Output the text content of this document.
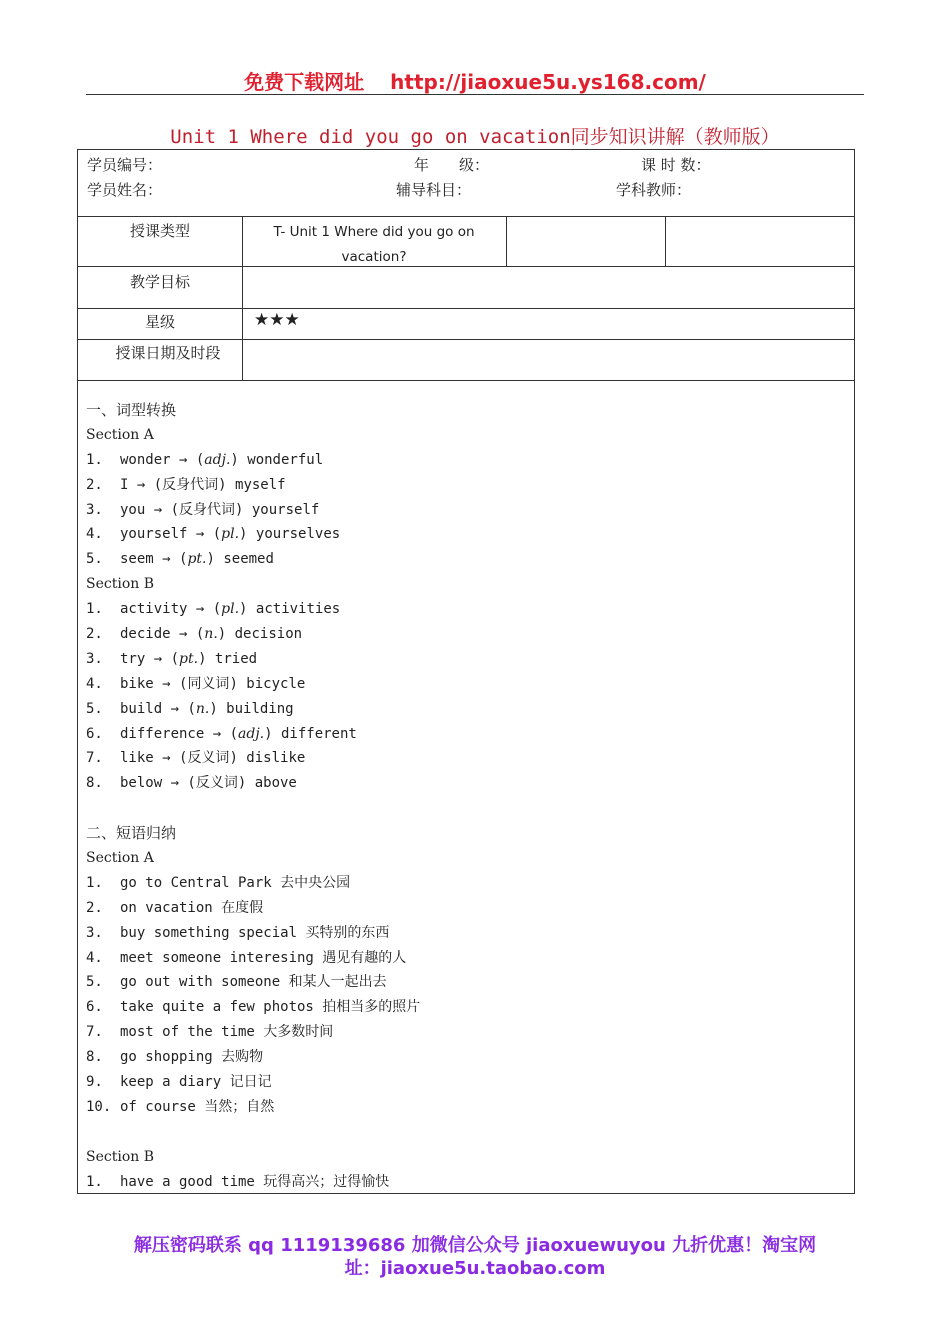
免费下载网址 http://jiaoxue5u.ys168.com/
Unit 1 Where did you go on vacation同步知识讲解（教师版）
学员编号：	年　　级：	课 时 数：
学员姓名：	辅导科目：	学科教师：
授课类型	T- Unit 1 Where did you go on
vacation?
教学目标
星级	★★★
授课日期及时段
一、词型转换
Section A
1. wonder → (adj.) wonderful
2. I → (反身代词) myself
3. you → (反身代词) yourself
4. yourself → (pl.) yourselves
5. seem → (pt.) seemed
Section B
1. activity → (pl.) activities
2. decide → (n.) decision
3. try → (pt.) tried
4. bike → (同义词) bicycle
5. build → (n.) building
6. difference → (adj.) different
7. like → (反义词) dislike
8. below → (反义词) above
二、短语归纳
Section A
1. go to Central Park 去中央公园
2. on vacation 在度假
3. buy something special 买特别的东西
4. meet someone interesing 遇见有趣的人
5. go out with someone 和某人一起出去
6. take quite a few photos 拍相当多的照片
7. most of the time 大多数时间
8. go shopping 去购物
9. keep a diary 记日记
10. of course 当然；自然
Section B
1. have a good time 玩得高兴；过得愉快
解压密码联系 qq 1119139686 加微信公众号 jiaoxuewuyou 九折优惠！淘宝网
址：jiaoxue5u.taobao.com
